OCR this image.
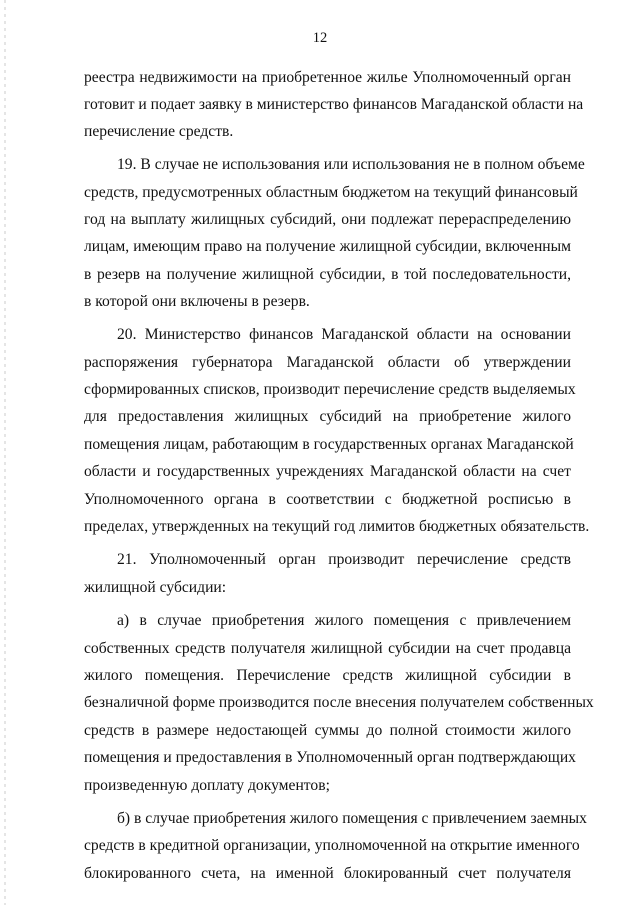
12
реестра недвижимости на приобретенное жилье Уполномоченный орган
готовит и подает заявку в министерство финансов Магаданской области на
перечисление средств.
19. В случае не использования или использования не в полном объеме
средств, предусмотренных областным бюджетом на текущий финансовый
год на выплату жилищных субсидий, они подлежат перераспределению
лицам, имеющим право на получение жилищной субсидии, включенным
в резерв на получение жилищной субсидии, в той последовательности,
в которой они включены в резерв.
20. Министерство финансов Магаданской области на основании
распоряжения губернатора Магаданской области об утверждении
сформированных списков, производит перечисление средств выделяемых
для предоставления жилищных субсидий на приобретение жилого
помещения лицам, работающим в государственных органах Магаданской
области и государственных учреждениях Магаданской области на счет
Уполномоченного органа в соответствии с бюджетной росписью в
пределах, утвержденных на текущий год лимитов бюджетных обязательств.
21. Уполномоченный орган производит перечисление средств
жилищной субсидии:
а) в случае приобретения жилого помещения с привлечением
собственных средств получателя жилищной субсидии на счет продавца
жилого помещения. Перечисление средств жилищной субсидии в
безналичной форме производится после внесения получателем собственных
средств в размере недостающей суммы до полной стоимости жилого
помещения и предоставления в Уполномоченный орган подтверждающих
произведенную доплату документов;
б) в случае приобретения жилого помещения с привлечением заемных
средств в кредитной организации, уполномоченной на открытие именного
блокированного счета, на именной блокированный счет получателя
